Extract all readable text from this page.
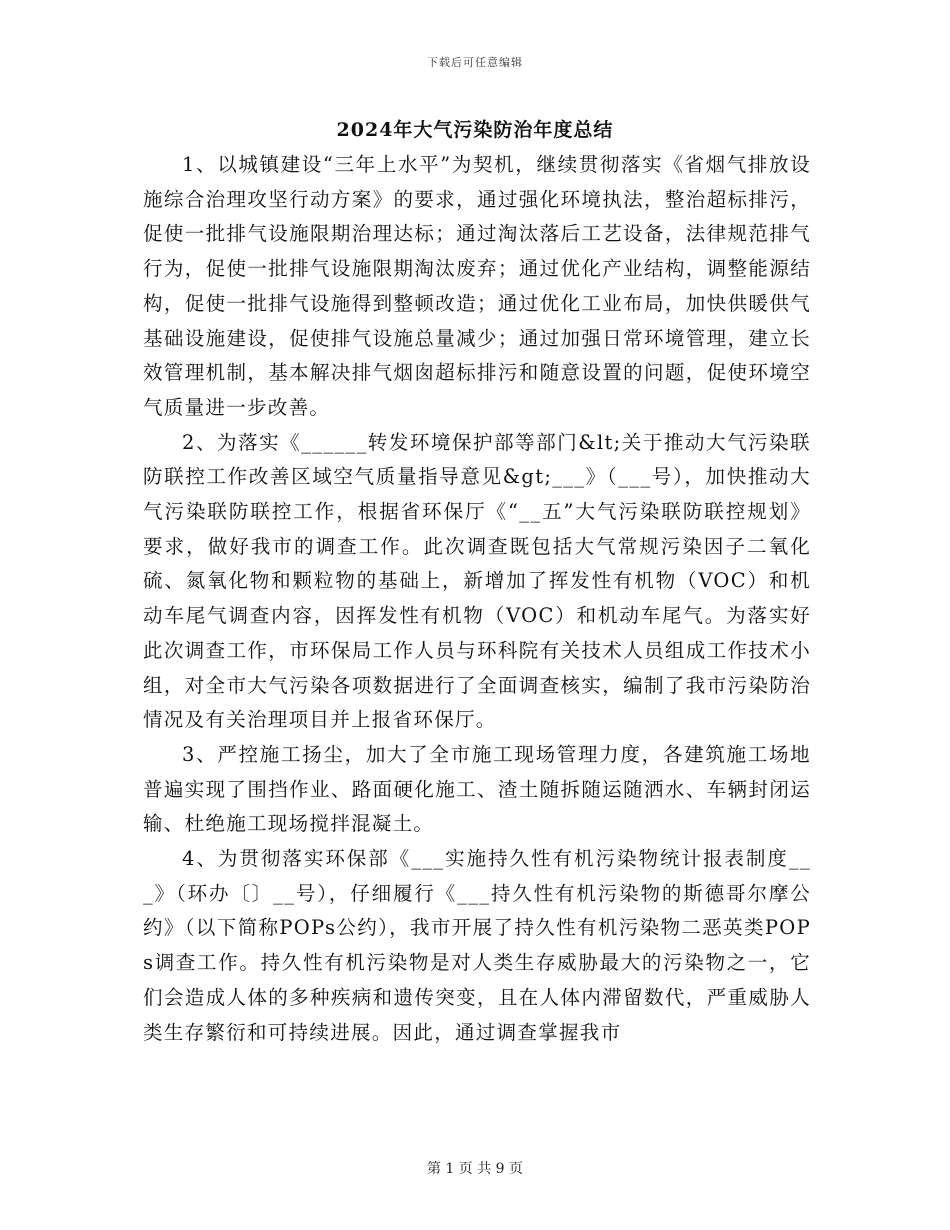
下载后可任意编辑
2024年大气污染防治年度总结

1、以城镇建设“三年上水平”为契机，继续贯彻落实《省烟气排放设施综合治理攻坚行动方案》的要求，通过强化环境执法，整治超标排污，促使一批排气设施限期治理达标；通过淘汰落后工艺设备，法律规范排气行为，促使一批排气设施限期淘汰废弃；通过优化产业结构，调整能源结构，促使一批排气设施得到整顿改造；通过优化工业布局，加快供暖供气基础设施建设，促使排气设施总量减少；通过加强日常环境管理，建立长效管理机制，基本解决排气烟囱超标排污和随意设置的问题，促使环境空气质量进一步改善。

2、为落实《______转发环境保护部等部门&lt;关于推动大气污染联防联控工作改善区域空气质量指导意见&gt;___》（___号），加快推动大气污染联防联控工作，根据省环保厅《“__五”大气污染联防联控规划》要求，做好我市的调查工作。此次调查既包括大气常规污染因子二氧化硫、氮氧化物和颗粒物的基础上，新增加了挥发性有机物（VOC）和机动车尾气调查内容，因挥发性有机物（VOC）和机动车尾气。为落实好此次调查工作，市环保局工作人员与环科院有关技术人员组成工作技术小组，对全市大气污染各项数据进行了全面调查核实，编制了我市污染防治情况及有关治理项目并上报省环保厅。

3、严控施工扬尘，加大了全市施工现场管理力度，各建筑施工场地普遍实现了围挡作业、路面硬化施工、渣土随拆随运随洒水、车辆封闭运输、杜绝施工现场搅拌混凝土。

4、为贯彻落实环保部《___实施持久性有机污染物统计报表制度___》（环办〔〕__号），仔细履行《___持久性有机污染物的斯德哥尔摩公约》（以下简称POPs公约），我市开展了持久性有机污染物二恶英类POPs调查工作。持久性有机污染物是对人类生存威胁最大的污染物之一，它们会造成人体的多种疾病和遗传突变，且在人体内滞留数代，严重威胁人类生存繁衍和可持续进展。因此，通过调查掌握我市

第 1 页 共 9 页
